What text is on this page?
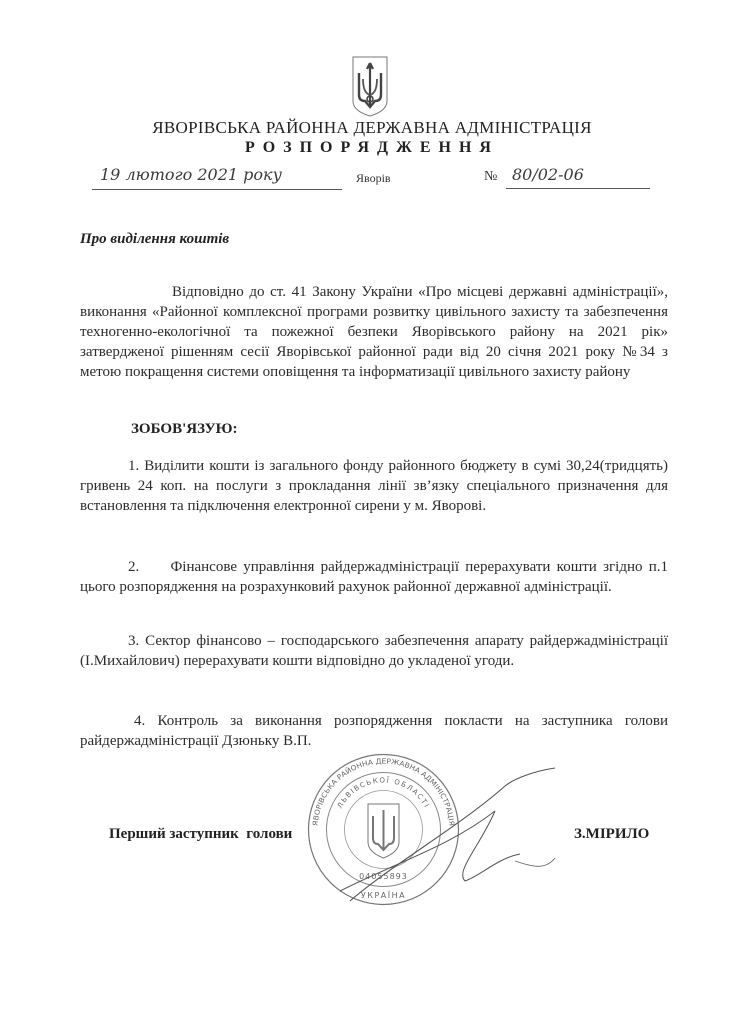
ЯВОРІВСЬКА РАЙОННА ДЕРЖАВНА АДМІНІСТРАЦІЯ
РОЗПОРЯДЖЕННЯ
19 лютого 2021 року	Яворів	№ 80/02-06
Про виділення коштів
Відповідно до ст. 41 Закону України «Про місцеві державні адміністрації», виконання «Районної комплексної програми розвитку цивільного захисту та забезпечення техногенно-екологічної та пожежної безпеки Яворівського району на 2021 рік» затвердженої рішенням сесії Яворівської районної ради від 20 січня 2021 року №34 з метою покращення системи оповіщення та інформатизації цивільного захисту району
ЗОБОВ'ЯЗУЮ:
1. Виділити кошти із загального фонду районного бюджету в сумі 30,24(тридцять) гривень 24 коп. на послуги з прокладання лінії зв’язку спеціального призначення для встановлення та підключення електронної сирени у м. Яворові.
2.     Фінансове управління райдержадміністрації перерахувати кошти згідно п.1 цього розпорядження на розрахунковий рахунок районної державної адміністрації.
3. Сектор фінансово – господарського забезпечення апарату райдержадміністрації (І.Михайлович) перерахувати кошти відповідно до укладеної угоди.
4. Контроль за виконання розпорядження покласти на заступника голови райдержадміністрації Дзюньку В.П.
ЯВОРІВСЬКА РАЙОННА ДЕРЖАВНА АДМІНІСТРАЦІЯ
ЛЬВІВСЬКОЇ ОБЛАСТІ
04055893
УКРАЇНА
Перший заступник  голови	З.МІРИЛО
